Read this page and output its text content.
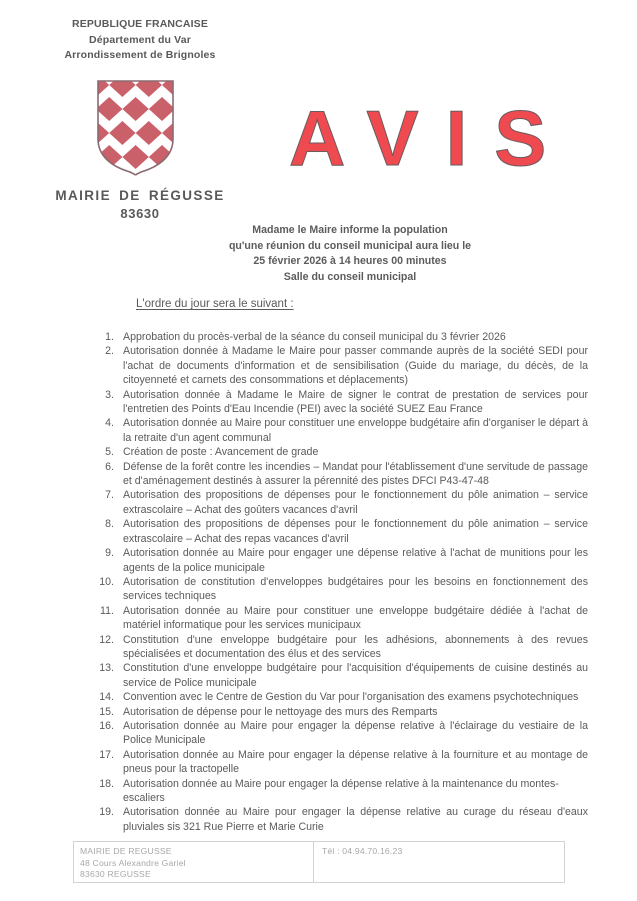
REPUBLIQUE FRANCAISE
Département du Var
Arrondissement de Brignoles
MAIRIE DE RÉGUSSE
83630
AVIS
Madame le Maire informe la population
qu'une réunion du conseil municipal aura lieu le
25 février 2026 à 14 heures 00 minutes
Salle du conseil municipal
L'ordre du jour sera le suivant :
1. Approbation du procès-verbal de la séance du conseil municipal du 3 février 2026
2. Autorisation donnée à Madame le Maire pour passer commande auprès de la société SEDI pour l'achat de documents d'information et de sensibilisation (Guide du mariage, du décès, de la citoyenneté et carnets des consommations et déplacements)
3. Autorisation donnée à Madame le Maire de signer le contrat de prestation de services pour l'entretien des Points d'Eau Incendie (PEI) avec la société SUEZ Eau France
4. Autorisation donnée au Maire pour constituer une enveloppe budgétaire afin d'organiser le départ à la retraite d'un agent communal
5. Création de poste : Avancement de grade
6. Défense de la forêt contre les incendies – Mandat pour l'établissement d'une servitude de passage et d'aménagement destinés à assurer la pérennité des pistes DFCI P43-47-48
7. Autorisation des propositions de dépenses pour le fonctionnement du pôle animation – service extrascolaire – Achat des goûters vacances d'avril
8. Autorisation des propositions de dépenses pour le fonctionnement du pôle animation – service extrascolaire – Achat des repas vacances d'avril
9. Autorisation donnée au Maire pour engager une dépense relative à l'achat de munitions pour les agents de la police municipale
10. Autorisation de constitution d'enveloppes budgétaires pour les besoins en fonctionnement des services techniques
11. Autorisation donnée au Maire pour constituer une enveloppe budgétaire dédiée à l'achat de matériel informatique pour les services municipaux
12. Constitution d'une enveloppe budgétaire pour les adhésions, abonnements à des revues spécialisées et documentation des élus et des services
13. Constitution d'une enveloppe budgétaire pour l'acquisition d'équipements de cuisine destinés au service de Police municipale
14. Convention avec le Centre de Gestion du Var pour l'organisation des examens psychotechniques
15. Autorisation de dépense pour le nettoyage des murs des Remparts
16. Autorisation donnée au Maire pour engager la dépense relative à l'éclairage du vestiaire de la Police Municipale
17. Autorisation donnée au Maire pour engager la dépense relative à la fourniture et au montage de pneus pour la tractopelle
18. Autorisation donnée au Maire pour engager la dépense relative à la maintenance du montes-escaliers
19. Autorisation donnée au Maire pour engager la dépense relative au curage du réseau d'eaux pluviales sis 321 Rue Pierre et Marie Curie
MAIRIE DE REGUSSE
48 Cours Alexandre Gariel
83630 REGUSSE
Tél : 04.94.70.16.23
